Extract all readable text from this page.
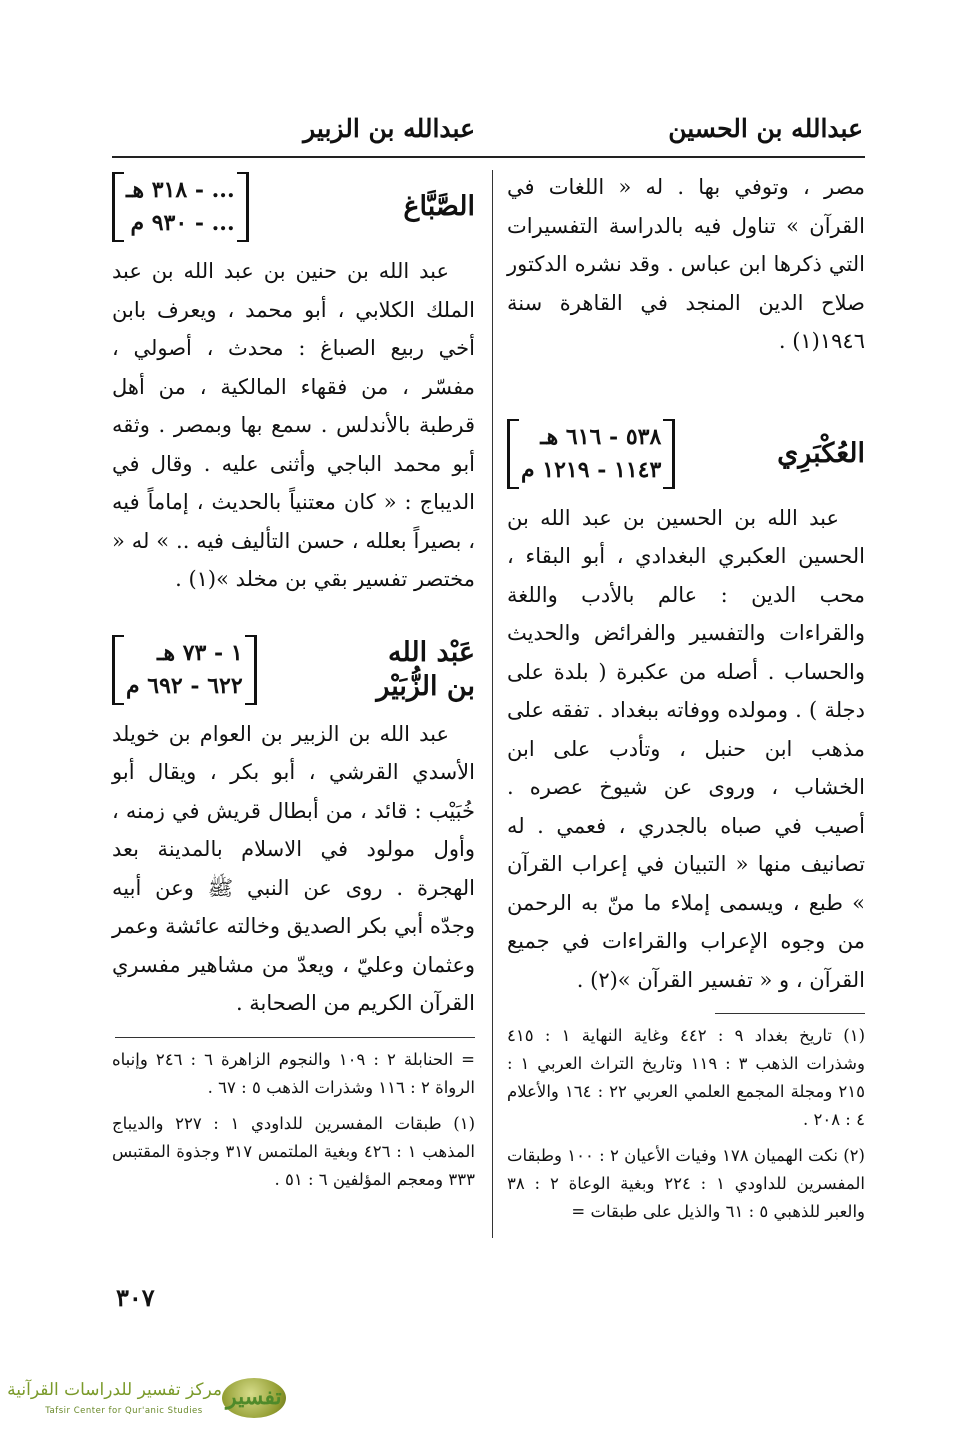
عبدالله بن الحسين
عبدالله بن الزبير

مصر ، وتوفي بها . له « اللغات في القرآن » تناول فيه بالدراسة التفسيرات التي ذكرها ابن عباس . وقد نشره الدكتور صلاح الدين المنجد في القاهرة سنة ١٩٤٦(١) .

العُكْبَرِي
٥٣٨ - ٦١٦ هـ
١١٤٣ - ١٢١٩ م

عبد الله بن الحسين بن عبد الله بن الحسين العكبري البغدادي ، أبو البقاء ، محب الدين : عالم بالأدب واللغة والقراءات والتفسير والفرائض والحديث والحساب . أصله من عكبرة ( بلدة على دجلة ) . ومولده ووفاته ببغداد . تفقه على مذهب ابن حنبل ، وتأدب على ابن الخشاب ، وروى عن شيوخ عصره . أصيب في صباه بالجدري ، فعمي . له تصانيف منها « التبيان في إعراب القرآن » طبع ، ويسمى إملاء ما منّ به الرحمن من وجوه الإعراب والقراءات في جميع القرآن ، و « تفسير القرآن »(٢) .

(١) تاريخ بغداد ٩ : ٤٤٢ وغاية النهاية ١ : ٤١٥ وشذرات الذهب ٣ : ١١٩ وتاريخ التراث العربي ١ : ٢١٥ ومجلة المجمع العلمي العربي ٢٢ : ١٦٤ والأعلام ٤ : ٢٠٨ .

(٢) نكت الهميان ١٧٨ وفيات الأعيان ٢ : ١٠٠ وطبقات المفسرين للداودي ١ : ٢٢٤ وبغية الوعاة ٢ : ٣٨ والعبر للذهبي ٥ : ٦١ والذيل على طبقات =

الصَّبَّاغ
... - ٣١٨ هـ
... - ٩٣٠ م

عبد الله بن حنين بن عبد الله بن عبد الملك الكلابي ، أبو محمد ، ويعرف بابن أخي ربيع الصباغ : محدث ، أصولي ، مفسّر ، من فقهاء المالكية ، من أهل قرطبة بالأندلس . سمع بها وبمصر . وثقه أبو محمد الباجي وأثنى عليه . وقال في الديباج : « كان معتنياً بالحديث ، إماماً فيه ، بصيراً بعلله ، حسن التأليف فيه .. » له « مختصر تفسير بقي بن مخلد »(١) .

عَبْد الله
بن الزُّبَيْر
١ - ٧٣ هـ
٦٢٢ - ٦٩٢ م

عبد الله بن الزبير بن العوام بن خويلد الأسدي القرشي ، أبو بكر ، ويقال أبو خُبَيْب : قائد ، من أبطال قريش في زمنه ، وأول مولود في الاسلام بالمدينة بعد الهجرة . روى عن النبي ﷺ وعن أبيه وجدّه أبي بكر الصديق وخالته عائشة وعمر وعثمان وعليّ ، ويعدّ من مشاهير مفسري القرآن الكريم من الصحابة .

= الحنابلة ٢ : ١٠٩ والنجوم الزاهرة ٦ : ٢٤٦ وإنباه الرواة ٢ : ١١٦ وشذرات الذهب ٥ : ٦٧ .

(١) طبقات المفسرين للداودي ١ : ٢٢٧ والديباج المذهب ١ : ٤٢٦ وبغية الملتمس ٣١٧ وجذوة المقتبس ٣٣٣ ومعجم المؤلفين ٦ : ٥١ .

٣٠٧
تفسير
مركز تفسير للدراسات القرآنية
Tafsir Center for Qur'anic Studies
